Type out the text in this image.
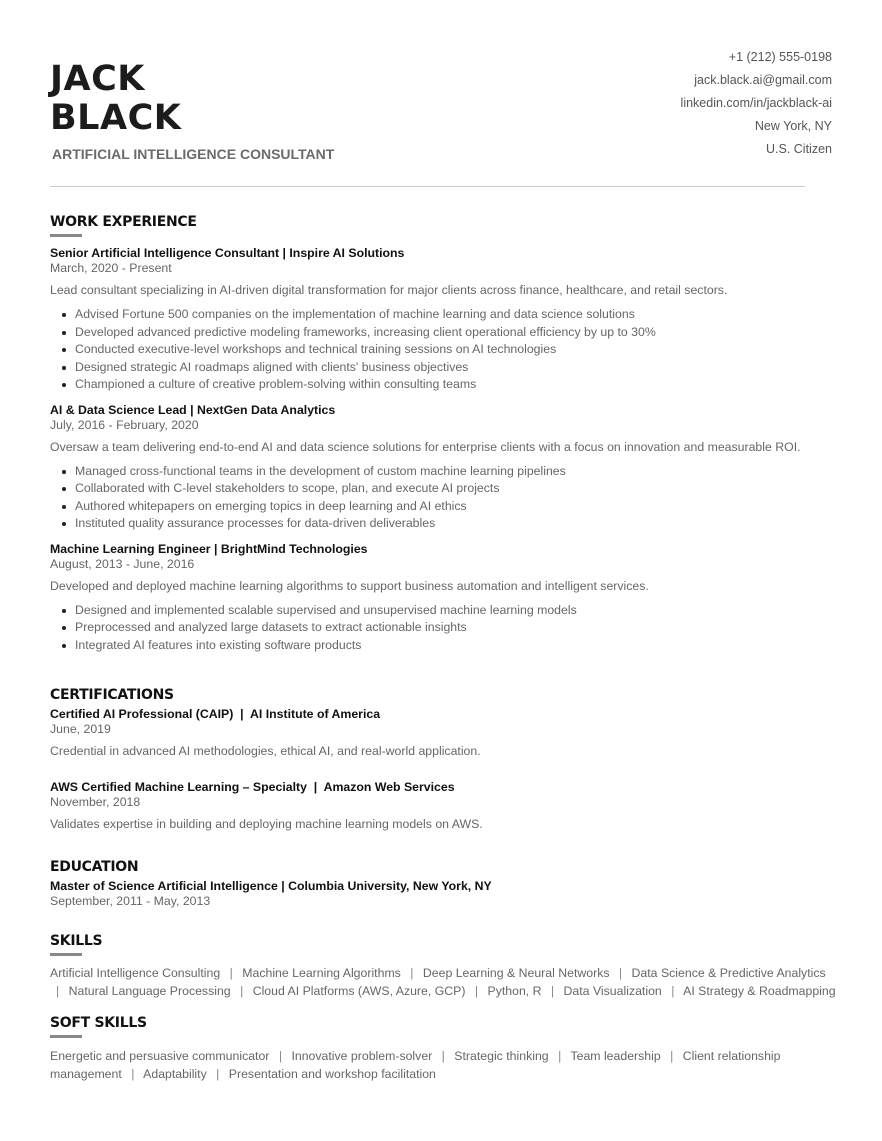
JACK
BLACK
ARTIFICIAL INTELLIGENCE CONSULTANT
+1 (212) 555-0198
jack.black.ai@gmail.com
linkedin.com/in/jackblack-ai
New York, NY
U.S. Citizen
WORK EXPERIENCE
Senior Artificial Intelligence Consultant | Inspire AI Solutions
March, 2020 - Present
Lead consultant specializing in AI-driven digital transformation for major clients across finance, healthcare, and retail sectors.
Advised Fortune 500 companies on the implementation of machine learning and data science solutions
Developed advanced predictive modeling frameworks, increasing client operational efficiency by up to 30%
Conducted executive-level workshops and technical training sessions on AI technologies
Designed strategic AI roadmaps aligned with clients' business objectives
Championed a culture of creative problem-solving within consulting teams
AI & Data Science Lead | NextGen Data Analytics
July, 2016 - February, 2020
Oversaw a team delivering end-to-end AI and data science solutions for enterprise clients with a focus on innovation and measurable ROI.
Managed cross-functional teams in the development of custom machine learning pipelines
Collaborated with C-level stakeholders to scope, plan, and execute AI projects
Authored whitepapers on emerging topics in deep learning and AI ethics
Instituted quality assurance processes for data-driven deliverables
Machine Learning Engineer | BrightMind Technologies
August, 2013 - June, 2016
Developed and deployed machine learning algorithms to support business automation and intelligent services.
Designed and implemented scalable supervised and unsupervised machine learning models
Preprocessed and analyzed large datasets to extract actionable insights
Integrated AI features into existing software products
CERTIFICATIONS
Certified AI Professional (CAIP)  |  AI Institute of America
June, 2019
Credential in advanced AI methodologies, ethical AI, and real-world application.
AWS Certified Machine Learning – Specialty  |  Amazon Web Services
November, 2018
Validates expertise in building and deploying machine learning models on AWS.
EDUCATION
Master of Science Artificial Intelligence | Columbia University, New York, NY
September, 2011 - May, 2013
SKILLS
Artificial Intelligence Consulting | Machine Learning Algorithms | Deep Learning & Neural Networks | Data Science & Predictive Analytics | Natural Language Processing | Cloud AI Platforms (AWS, Azure, GCP) | Python, R | Data Visualization | AI Strategy & Roadmapping
SOFT SKILLS
Energetic and persuasive communicator | Innovative problem-solver | Strategic thinking | Team leadership | Client relationship management | Adaptability | Presentation and workshop facilitation
